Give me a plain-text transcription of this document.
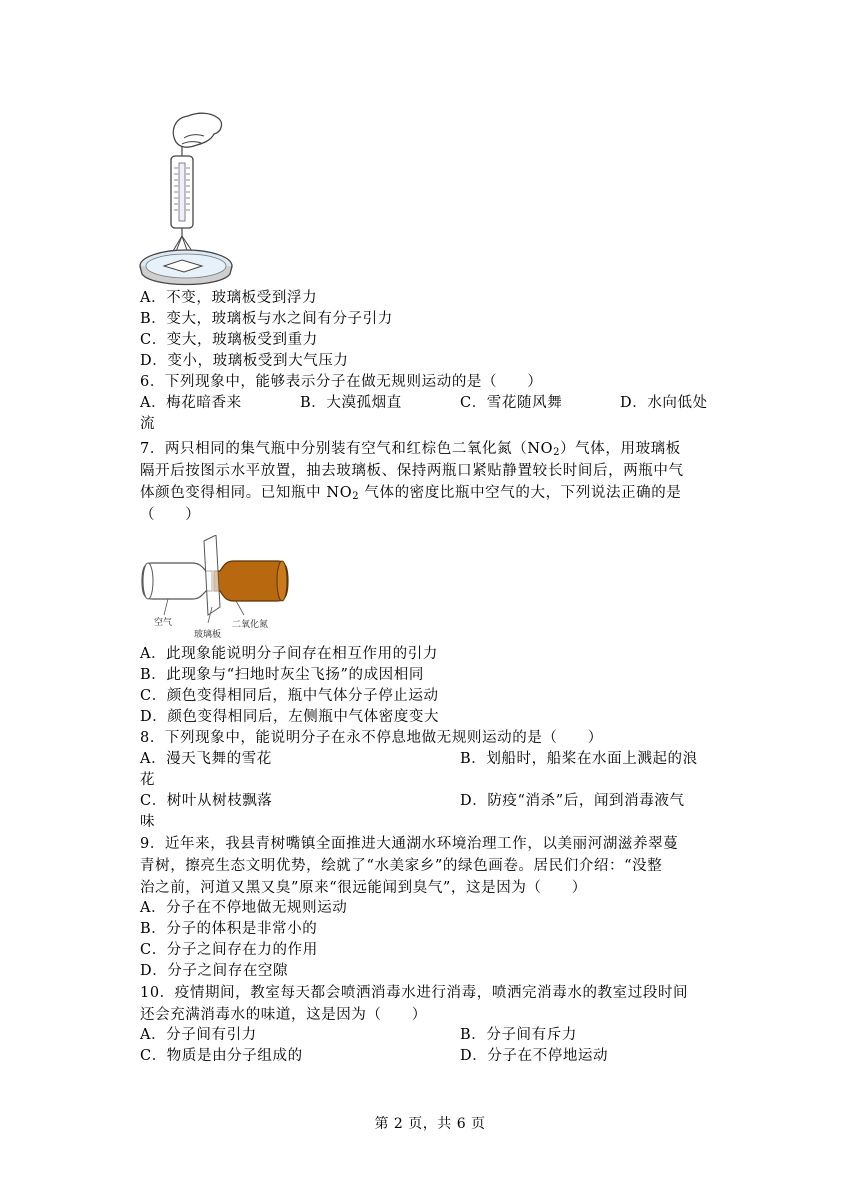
A．不变，玻璃板受到浮力
B．变大，玻璃板与水之间有分子引力
C．变大，玻璃板受到重力
D．变小，玻璃板受到大气压力
6．下列现象中，能够表示分子在做无规则运动的是（　　）
A．梅花暗香来	B．大漠孤烟直	C．雪花随风舞	D．水向低处
流
7．两只相同的集气瓶中分别装有空气和红棕色二氧化氮$(NO_2)$气体，用玻璃板
隔开后按图示水平放置，抽去玻璃板、保持两瓶口紧贴静置较长时间后，两瓶中气
体颜色变得相同。已知瓶中 $NO_2$ 气体的密度比瓶中空气的大，下列说法正确的是
（　　）
空气
玻璃板
二氧化氮
A．此现象能说明分子间存在相互作用的引力
B．此现象与“扫地时灰尘飞扬”的成因相同
C．颜色变得相同后，瓶中气体分子停止运动
D．颜色变得相同后，左侧瓶中气体密度变大
8．下列现象中，能说明分子在永不停息地做无规则运动的是（　　）
A．漫天飞舞的雪花	B．划船时，船桨在水面上溅起的浪
花
C．树叶从树枝飘落	D．防疫“消杀”后，闻到消毒液气
味
9．近年来，我县青树嘴镇全面推进大通湖水环境治理工作，以美丽河湖滋养翠蔓
青树，擦亮生态文明优势，绘就了“水美家乡”的绿色画卷。居民们介绍：“没整
治之前，河道又黑又臭”原来“很远能闻到臭气”，这是因为（　　）
A．分子在不停地做无规则运动
B．分子的体积是非常小的
C．分子之间存在力的作用
D．分子之间存在空隙
10．疫情期间，教室每天都会喷洒消毒水进行消毒，喷洒完消毒水的教室过段时间
还会充满消毒水的味道，这是因为（　　）
A．分子间有引力	B．分子间有斥力
C．物质是由分子组成的	D．分子在不停地运动
第 2 页，共 6 页
